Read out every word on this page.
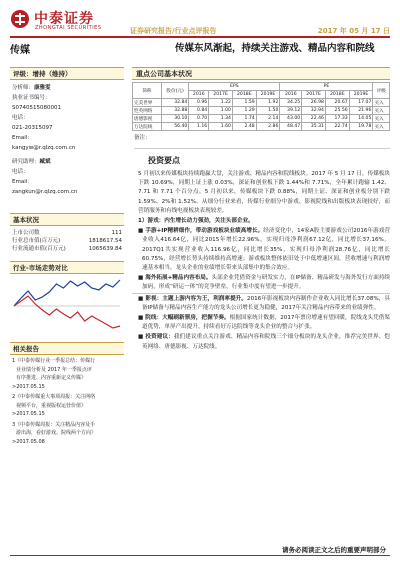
中泰证券
ZHONGTAI SECURITIES	证券研究报告/行业点评报告	2017 年 05 月 17 日
传媒	传媒东风渐起，持续关注游戏、精品内容和院线
评级：增持（维持）
分析师：康雅雯
执业证书编号：
S0740515080001
电话：
021-20315097
Email：
kangyw@r.qlzq.com.cn
研究助理：臧斌
电话：
Email：
zangkun@r.qlzq.com.cn
基本状况
上市公司数	111
行业总市值(百万元)	1818617.54
行业流通市值(百万元)	1065639.84
行业-市场走势对比
相关报告
1《中泰传媒行业一季报总结：传媒行
业业绩分析及 2017 年一季报点评
有序推进、内容重新定义传媒》
>2017.05.15
2《中泰传媒重大事项周报：关注网络
视频平台，重视版权运营价值》
>2017.05.15
3《中泰传媒周报：关注精品内容及手
游出海，看好游戏、院线两个方向》
>2017.05.08
重点公司基本状况
简称	股价(元)	EPS				PE				评级
		2016	2017E	2018E	2019E	2016	2017E	2018E	2019E	
完美世界	32.84	0.96	1.22	1.59	1.92	34.25	26.98	20.67	17.07	买入
恺英网络	32.88	0.84	1.00	1.29	1.50	39.12	32.94	25.56	21.96	买入
唐德影视	30.10	0.70	1.34	1.74	2.14	43.00	22.46	17.33	14.05	买入
万达院线	56.40	1.16	1.60	2.48	2.86	48.47	35.31	22.74	19.78	买入
备注：
投资要点
5 月初以来传媒板块持续跑赢大盘，关注游戏、精品内容和院线板块。2017 年 5 月 17 日，传媒板块下跌 10.69%，同期上证上涨 0.03%，深证和创业板下跌 1.44%和 7.71%，全年累计跑输 1.42、 7.71 和 7.71 个百分点。5 月初以来，传媒板块下跌 0.88%，同期上证、深证和创业板分别下跌 1.59%、2%和 1.52%。从细分行业来看，传媒行业细分中游戏、影视院线和出版板块表现较好，而营销服务和有线电视板块表现较差。
1）游戏：内生增长动力强劲，关注头部企业。
■ 手游+IP精耕细作，带动游戏板块业绩高增长。经济变化中，14家A股主要游戏公司2016年游戏营业收入416.64亿，同比2015年增长22.96%，实现归母净利润67.12亿，同比增长37.16%。2017Q1共实现营业收入116.96亿，同比增长35%，实现归母净利润28.76亿，同比增长60.75%，经营增长势头持续维持高增速；游戏板块整体依旧处于中低增速区间，营收增速与利润增速基本相当，龙头企业的业绩增长带来头部集中的集合效应。
■ 海外拓展+精品内容布局。头部企业凭借资金与研发实力，在IP储备、精品研发与海外发行方面持续加码，形成“研运一体”的竞争壁垒，行业集中度有望进一步提升。
■ 影视：主题上游内容为王，利润率提升。2016年影视板块内容制作企业收入同比增长37.08%，具备IP储备与精品内容生产能力的龙头公司增长更为稳健，2017年关注精品内容带来的业绩弹性。
■ 院线：大幅刷新票房，把握节奏。根据国家统计数据，2017年票房增速有望回暖，院线龙头凭借渠道优势，单屏产出提升，持续看好万达院线等龙头企业的整合与扩张。
■ 投资建议：我们建议重点关注游戏、精品内容和院线三个细分板块的龙头企业，推荐完美世界、恺英网络、唐德影视、万达院线。
请务必阅读正文之后的重要声明部分
